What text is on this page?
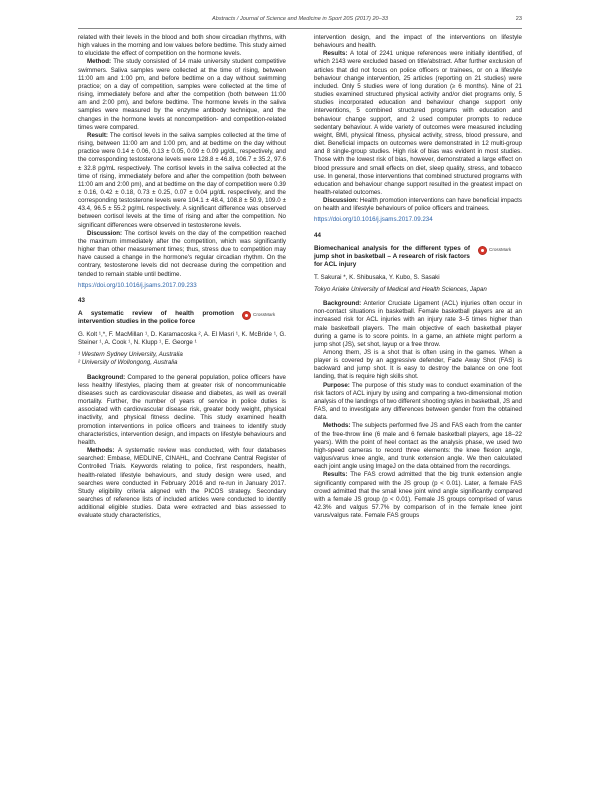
Abstracts / Journal of Science and Medicine in Sport 20S (2017) 20–33	23

related with their levels in the blood and both show circadian rhythms, with high values in the morning and low values before bedtime. This study aimed to elucidate the effect of competition on the hormone levels.

Method: The study consisted of 14 male university student competitive swimmers. Saliva samples were collected at the time of rising, between 11:00 am and 1:00 pm, and before bedtime on a day without swimming practice; on a day of competition, samples were collected at the time of rising, immediately before and after the competition (both between 11:00 am and 2:00 pm), and before bedtime. The hormone levels in the saliva samples were measured by the enzyme antibody technique, and the changes in the hormone levels at noncompetition- and competition-related times were compared.

Result: The cortisol levels in the saliva samples collected at the time of rising, between 11:00 am and 1:00 pm, and at bedtime on the day without practice were 0.14 ± 0.06, 0.13 ± 0.05, 0.09 ± 0.09 μg/dL, respectively, and the corresponding testosterone levels were 128.8 ± 46.8, 106.7 ± 35.2, 97.6 ± 32.8 pg/mL respectively. The cortisol levels in the saliva collected at the time of rising, immediately before and after the competition (both between 11:00 am and 2:00 pm), and at bedtime on the day of competition were 0.39 ± 0.16, 0.42 ± 0.18, 0.73 ± 0.25, 0.07 ± 0.04 μg/dL respectively, and the corresponding testosterone levels were 104.1 ± 48.4, 108.8 ± 50.9, 109.0 ± 43.4, 96.5 ± 55.2 pg/mL respectively. A significant difference was observed between cortisol levels at the time of rising and after the competition. No significant differences were observed in testosterone levels.

Discussion: The cortisol levels on the day of the competition reached the maximum immediately after the competition, which was significantly higher than other measurement times; thus, stress due to competition may have caused a change in the hormone's regular circadian rhythm. On the contrary, testosterone levels did not decrease during the competition and tended to remain stable until bedtime.

https://doi.org/10.1016/j.jsams.2017.09.233

43

A systematic review of health promotion intervention studies in the police force
CrossMark

G. Kolt ¹,*, F. MacMillan ¹, D. Karamacoska ², A. El Masri ¹, K. McBride ¹, G. Steiner ¹, A. Cook ¹, N. Klupp ¹, E. George ¹

¹ Western Sydney University, Australia

² University of Wollongong, Australia

Background: Compared to the general population, police officers have less healthy lifestyles, placing them at greater risk of noncommunicable diseases such as cardiovascular disease and diabetes, as well as overall mortality. Further, the number of years of service in police duties is associated with cardiovascular disease risk, greater body weight, physical inactivity, and physical fitness decline. This study examined health promotion interventions in police officers and trainees to identify study characteristics, intervention design, and impacts on lifestyle behaviours and health.

Methods: A systematic review was conducted, with four databases searched: Embase, MEDLINE, CINAHL, and Cochrane Central Register of Controlled Trials. Keywords relating to police, first responders, health, health-related lifestyle behaviours, and study design were used, and searches were conducted in February 2016 and re-run in January 2017. Study eligibility criteria aligned with the PICOS strategy. Secondary searches of reference lists of included articles were conducted to identify additional eligible studies. Data were extracted and bias assessed to evaluate study characteristics,

intervention design, and the impact of the interventions on lifestyle behaviours and health.

Results: A total of 2241 unique references were initially identified, of which 2143 were excluded based on title/abstract. After further exclusion of articles that did not focus on police officers or trainees, or on a lifestyle behaviour change intervention, 25 articles (reporting on 21 studies) were included. Only 5 studies were of long duration (≥ 6 months). Nine of 21 studies examined structured physical activity and/or diet programs only, 5 studies incorporated education and behaviour change support only interventions, 5 combined structured programs with education and behaviour change support, and 2 used computer prompts to reduce sedentary behaviour. A wide variety of outcomes were measured including weight, BMI, physical fitness, physical activity, stress, blood pressure, and diet. Beneficial impacts on outcomes were demonstrated in 12 multi-group and 8 single-group studies. High risk of bias was evident in most studies. Those with the lowest risk of bias, however, demonstrated a large effect on blood pressure and small effects on diet, sleep quality, stress, and tobacco use. In general, those interventions that combined structured programs with education and behaviour change support resulted in the greatest impact on health-related outcomes.

Discussion: Health promotion interventions can have beneficial impacts on health and lifestyle behaviours of police officers and trainees.

https://doi.org/10.1016/j.jsams.2017.09.234

44

Biomechanical analysis for the different types of jump shot in basketball – A research of risk factors for ACL injury
CrossMark

T. Sakurai *, K. Shibusaka, Y. Kubo, S. Sasaki

Tokyo Ariake University of Medical and Health Sciences, Japan

Background: Anterior Cruciate Ligament (ACL) injuries often occur in non-contact situations in basketball. Female basketball players are at an increased risk for ACL injuries with an injury rate 3–5 times higher than male basketball players. The main objective of each basketball player during a game is to score points. In a game, an athlete might perform a jump shot (JS), set shot, layup or a free throw.

Among them, JS is a shot that is often using in the games. When a player is covered by an aggressive defender, Fade Away Shot (FAS) is backward and jump shot. It is easy to destroy the balance on one foot landing, that is require high skills shot.

Purpose: The purpose of this study was to conduct examination of the risk factors of ACL injury by using and comparing a two-dimensional motion analysis of the landings of two different shooting styles in basketball, JS and FAS, and to investigate any differences between gender from the obtained data.

Methods: The subjects performed five JS and FAS each from the canter of the free-throw line (6 male and 6 female basketball players, age 18–22 years). With the point of heel contact as the analysis phase, we used two high-speed cameras to record three elements: the knee flexion angle, valgus/varus knee angle, and trunk extension angle. We then calculated each joint angle using ImageJ on the data obtained from the recordings.

Results: The FAS crowd admitted that the big trunk extension angle significantly compared with the JS group (p < 0.01). Later, a female FAS crowd admitted that the small knee joint wind angle significantly compared with a female JS group (p < 0.01). Female JS groups comprised of varus 42.3% and valgus 57.7% by comparison of in the female knee joint varus/valgus rate. Female FAS groups
